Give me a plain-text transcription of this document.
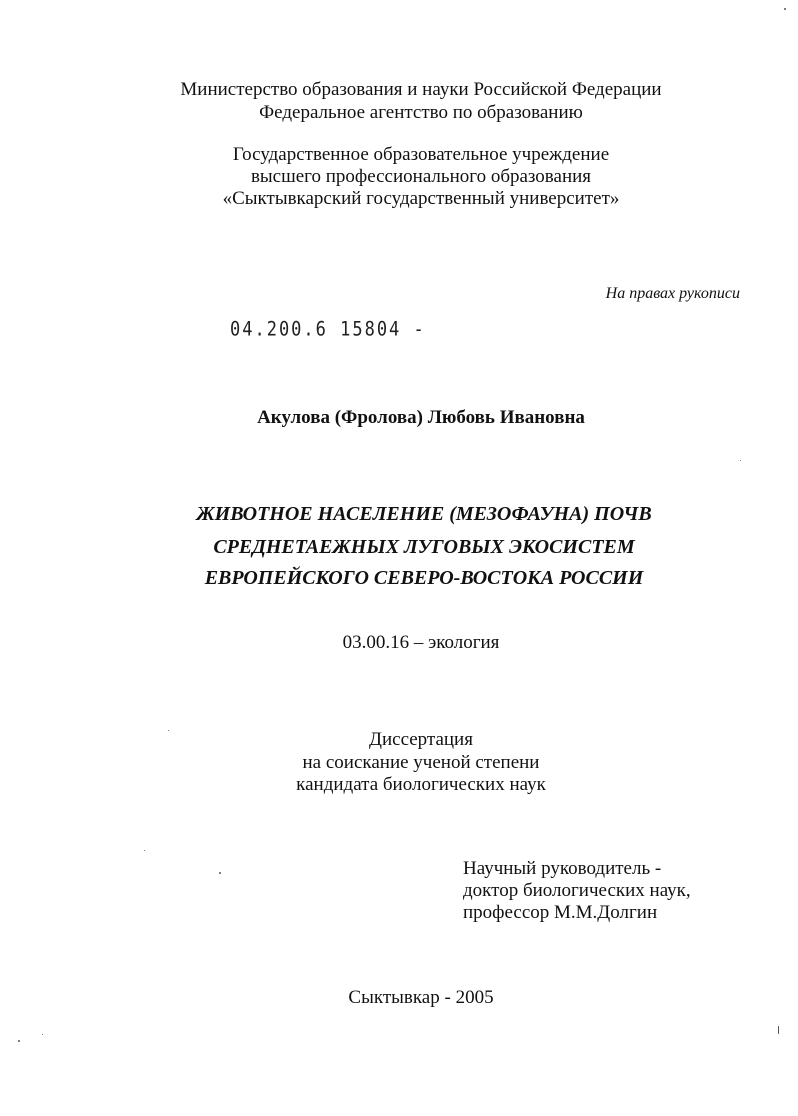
Министерство образования и науки Российской Федерации
Федеральное агентство по образованию
Государственное образовательное учреждение
высшего профессионального образования
«Сыктывкарский государственный университет»
На правах рукописи
04.200.6 15804 -
Акулова (Фролова) Любовь Ивановна
ЖИВОТНОЕ НАСЕЛЕНИЕ (МЕЗОФАУНА) ПОЧВ
СРЕДНЕТАЕЖНЫХ ЛУГОВЫХ ЭКОСИСТЕМ
ЕВРОПЕЙСКОГО СЕВЕРО-ВОСТОКА РОССИИ
03.00.16 – экология
Диссертация
на соискание ученой степени
кандидата биологических наук
Научный руководитель -
доктор биологических наук,
профессор М.М.Долгин
Сыктывкар - 2005
